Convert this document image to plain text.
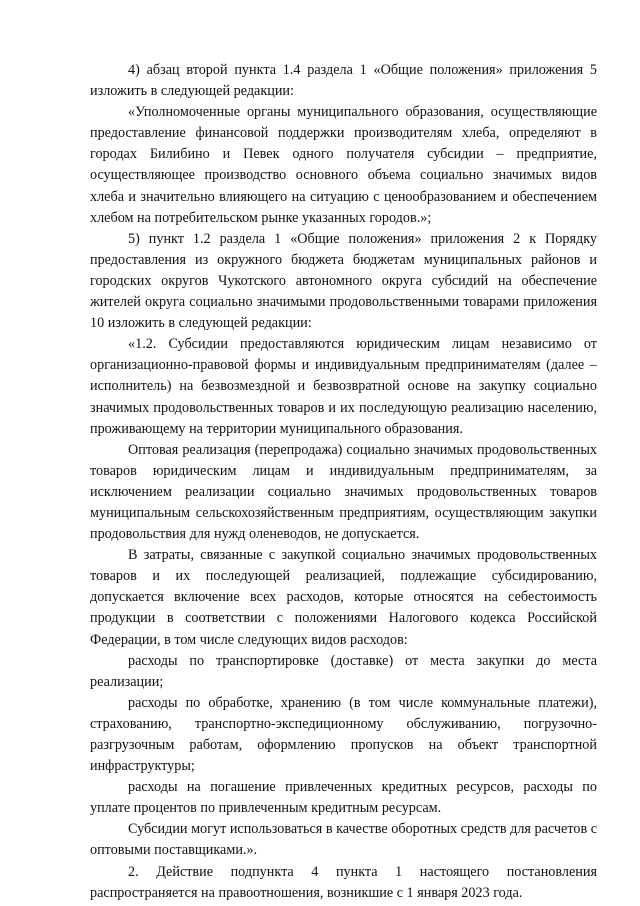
4) абзац второй пункта 1.4 раздела 1 «Общие положения» приложения 5 изложить в следующей редакции:

«Уполномоченные органы муниципального образования, осуществляющие предоставление финансовой поддержки производителям хлеба, определяют в городах Билибино и Певек одного получателя субсидии – предприятие, осуществляющее производство основного объема социально значимых видов хлеба и значительно влияющего на ситуацию с ценообразованием и обеспечением хлебом на потребительском рынке указанных городов.»;

5) пункт 1.2 раздела 1 «Общие положения» приложения 2 к Порядку предоставления из окружного бюджета бюджетам муниципальных районов и городских округов Чукотского автономного округа субсидий на обеспечение жителей округа социально значимыми продовольственными товарами приложения 10 изложить в следующей редакции:

«1.2. Субсидии предоставляются юридическим лицам независимо от организационно-правовой формы и индивидуальным предпринимателям (далее – исполнитель) на безвозмездной и безвозвратной основе на закупку социально значимых продовольственных товаров и их последующую реализацию населению, проживающему на территории муниципального образования.

Оптовая реализация (перепродажа) социально значимых продовольственных товаров юридическим лицам и индивидуальным предпринимателям, за исключением реализации социально значимых продовольственных товаров муниципальным сельскохозяйственным предприятиям, осуществляющим закупки продовольствия для нужд оленеводов, не допускается.

В затраты, связанные с закупкой социально значимых продовольственных товаров и их последующей реализацией, подлежащие субсидированию, допускается включение всех расходов, которые относятся на себестоимость продукции в соответствии с положениями Налогового кодекса Российской Федерации, в том числе следующих видов расходов:

расходы по транспортировке (доставке) от места закупки до места реализации;

расходы по обработке, хранению (в том числе коммунальные платежи), страхованию, транспортно-экспедиционному обслуживанию, погрузочно-разгрузочным работам, оформлению пропусков на объект транспортной инфраструктуры;

расходы на погашение привлеченных кредитных ресурсов, расходы по уплате процентов по привлеченным кредитным ресурсам.

Субсидии могут использоваться в качестве оборотных средств для расчетов с оптовыми поставщиками.».

2. Действие подпункта 4 пункта 1 настоящего постановления распространяется на правоотношения, возникшие с 1 января 2023 года.
